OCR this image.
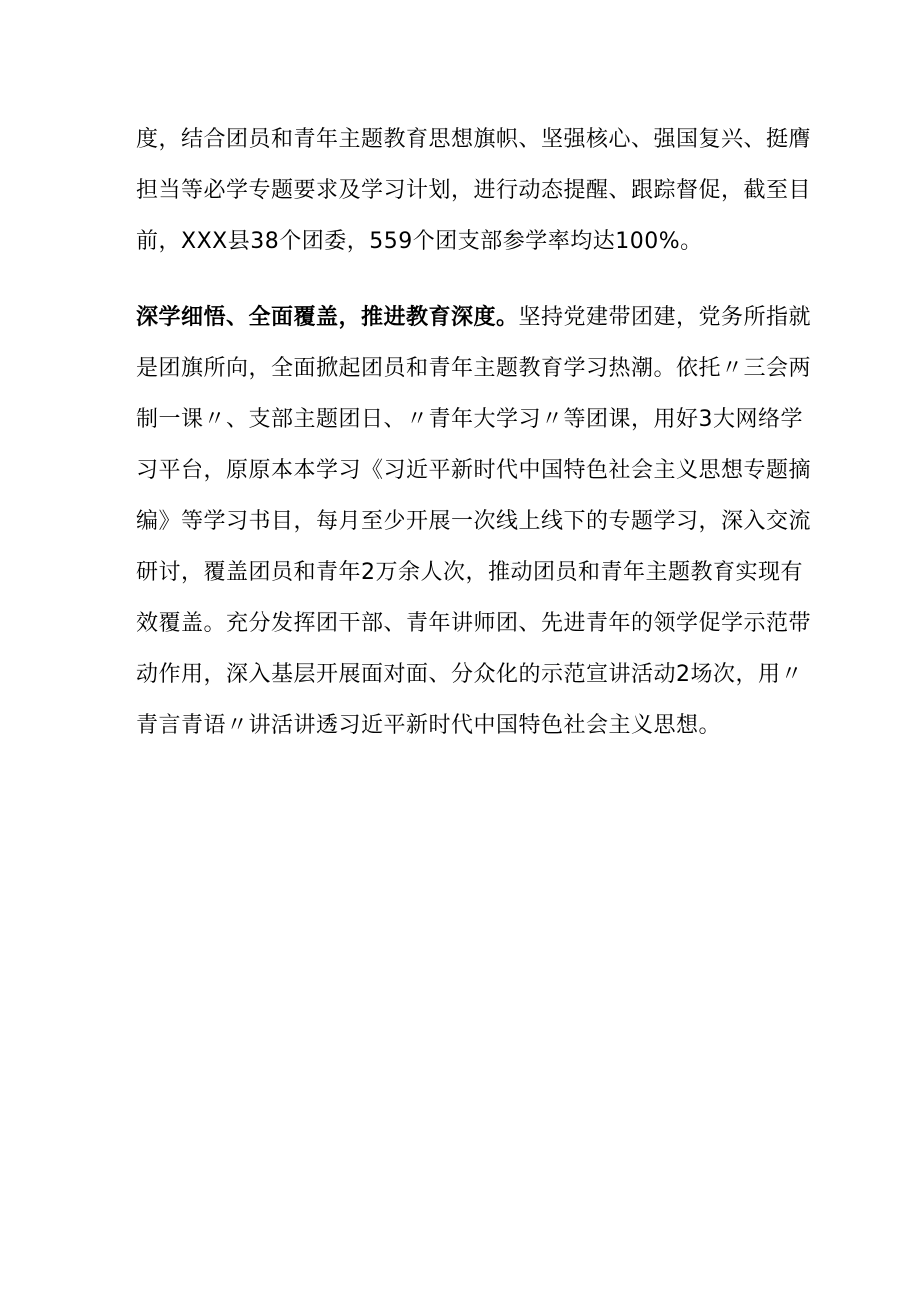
度，结合团员和青年主题教育思想旗帜、坚强核心、强国复兴、挺膺
担当等必学专题要求及学习计划，进行动态提醒、跟踪督促，截至目
前，XXX县38个团委，559个团支部参学率均达100%。
深学细悟、全面覆盖，推进教育深度。坚持党建带团建，党务所指就
是团旗所向，全面掀起团员和青年主题教育学习热潮。依托〃三会两
制一课〃、支部主题团日、〃青年大学习〃等团课，用好3大网络学
习平台，原原本本学习《习近平新时代中国特色社会主义思想专题摘
编》等学习书目，每月至少开展一次线上线下的专题学习，深入交流
研讨，覆盖团员和青年2万余人次，推动团员和青年主题教育实现有
效覆盖。充分发挥团干部、青年讲师团、先进青年的领学促学示范带
动作用，深入基层开展面对面、分众化的示范宣讲活动2场次，用〃
青言青语〃讲活讲透习近平新时代中国特色社会主义思想。
